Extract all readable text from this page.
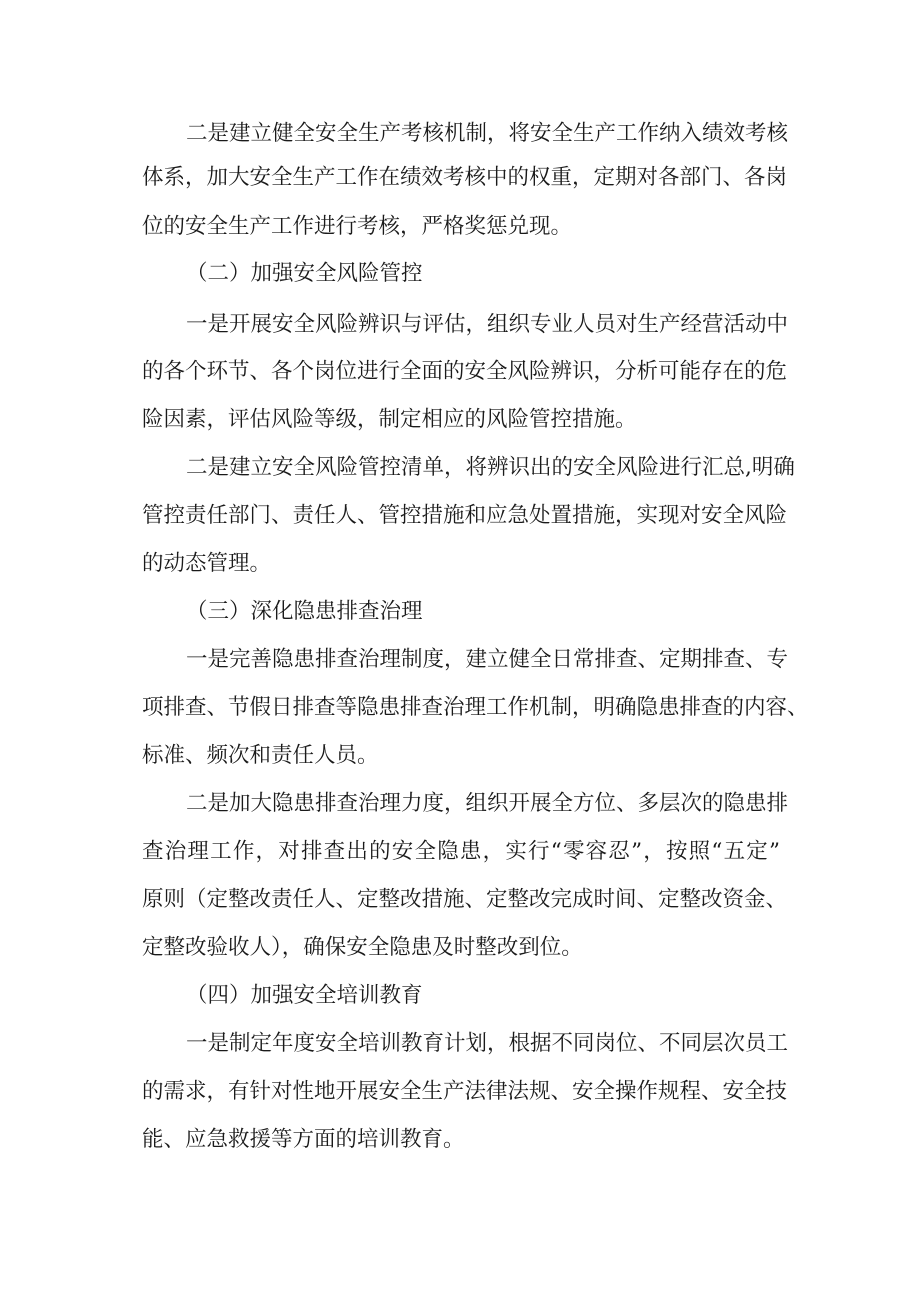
二是建立健全安全生产考核机制，将安全生产工作纳入绩效考核
体系，加大安全生产工作在绩效考核中的权重，定期对各部门、各岗
位的安全生产工作进行考核，严格奖惩兑现。
（二）加强安全风险管控
一是开展安全风险辨识与评估，组织专业人员对生产经营活动中
的各个环节、各个岗位进行全面的安全风险辨识，分析可能存在的危
险因素，评估风险等级，制定相应的风险管控措施。
二是建立安全风险管控清单，将辨识出的安全风险进行汇总,明确
管控责任部门、责任人、管控措施和应急处置措施，实现对安全风险
的动态管理。
（三）深化隐患排查治理
一是完善隐患排查治理制度，建立健全日常排查、定期排查、专
项排查、节假日排查等隐患排查治理工作机制，明确隐患排查的内容、
标准、频次和责任人员。
二是加大隐患排查治理力度，组织开展全方位、多层次的隐患排
查治理工作，对排查出的安全隐患，实行“零容忍”，按照“五定”
原则（定整改责任人、定整改措施、定整改完成时间、定整改资金、
定整改验收人），确保安全隐患及时整改到位。
（四）加强安全培训教育
一是制定年度安全培训教育计划，根据不同岗位、不同层次员工
的需求，有针对性地开展安全生产法律法规、安全操作规程、安全技
能、应急救援等方面的培训教育。
